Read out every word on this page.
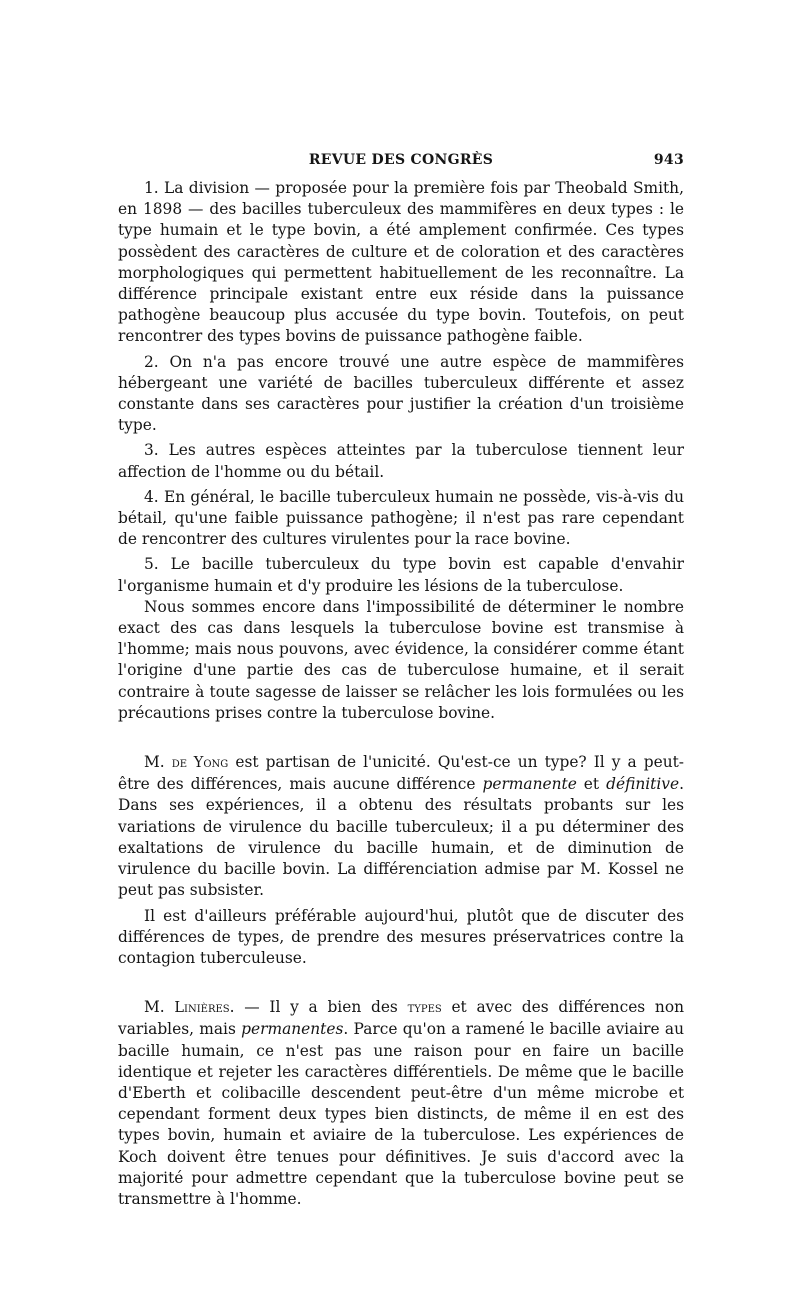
REVUE DES CONGRÈS	943

1. La division — proposée pour la première fois par Theobald Smith, en 1898 — des bacilles tuberculeux des mammifères en deux types : le type humain et le type bovin, a été amplement confirmée. Ces types possèdent des caractères de culture et de coloration et des caractères morphologiques qui permettent habituellement de les reconnaître. La différence principale existant entre eux réside dans la puissance pathogène beaucoup plus accusée du type bovin. Toutefois, on peut rencontrer des types bovins de puissance pathogène faible.

2. On n'a pas encore trouvé une autre espèce de mammifères hébergeant une variété de bacilles tuberculeux différente et assez constante dans ses caractères pour justifier la création d'un troisième type.

3. Les autres espèces atteintes par la tuberculose tiennent leur affection de l'homme ou du bétail.

4. En général, le bacille tuberculeux humain ne possède, vis-à-vis du bétail, qu'une faible puissance pathogène; il n'est pas rare cependant de rencontrer des cultures virulentes pour la race bovine.

5. Le bacille tuberculeux du type bovin est capable d'envahir l'organisme humain et d'y produire les lésions de la tuberculose.

Nous sommes encore dans l'impossibilité de déterminer le nombre exact des cas dans lesquels la tuberculose bovine est transmise à l'homme; mais nous pouvons, avec évidence, la considérer comme étant l'origine d'une partie des cas de tuberculose humaine, et il serait contraire à toute sagesse de laisser se relâcher les lois formulées ou les précautions prises contre la tuberculose bovine.

M. de Yong est partisan de l'unicité. Qu'est-ce un type? Il y a peut-être des différences, mais aucune différence permanente et définitive. Dans ses expériences, il a obtenu des résultats probants sur les variations de virulence du bacille tuberculeux; il a pu déterminer des exaltations de virulence du bacille humain, et de diminution de virulence du bacille bovin. La différenciation admise par M. Kossel ne peut pas subsister.

Il est d'ailleurs préférable aujourd'hui, plutôt que de discuter des différences de types, de prendre des mesures préservatrices contre la contagion tuberculeuse.

M. Linières. — Il y a bien des types et avec des différences non variables, mais permanentes. Parce qu'on a ramené le bacille aviaire au bacille humain, ce n'est pas une raison pour en faire un bacille identique et rejeter les caractères différentiels. De même que le bacille d'Eberth et colibacille descendent peut-être d'un même microbe et cependant forment deux types bien distincts, de même il en est des types bovin, humain et aviaire de la tuberculose. Les expériences de Koch doivent être tenues pour définitives. Je suis d'accord avec la majorité pour admettre cependant que la tuberculose bovine peut se transmettre à l'homme.
